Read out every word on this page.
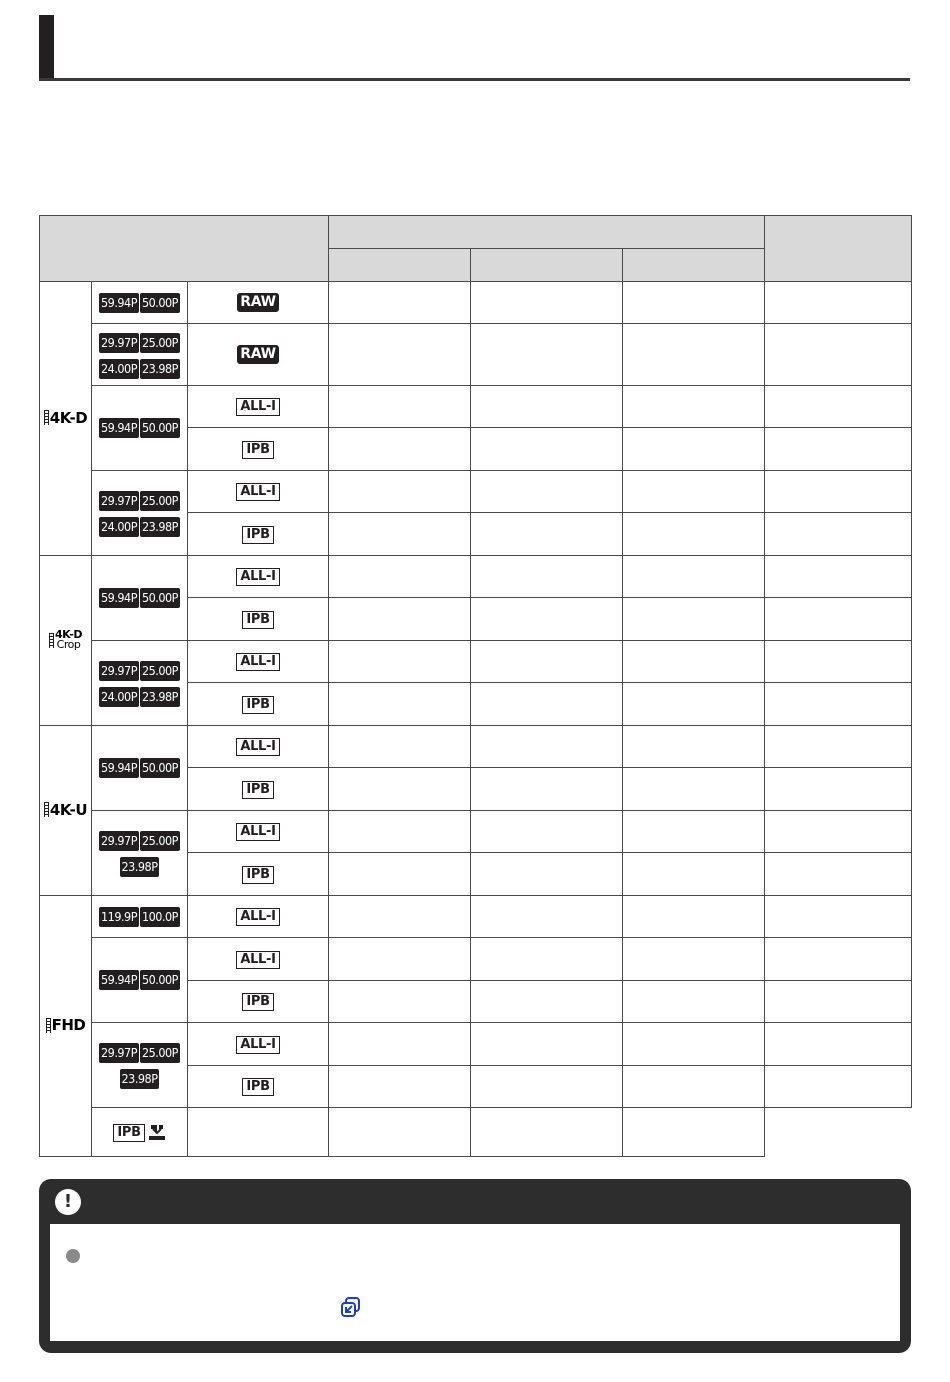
4K-D	59.94P 50.00P	RAW				

	29.97P 25.00P
24.00P 23.98P	RAW				
	59.94P 50.00P	ALL-I				
		IPB				

	29.97P 25.00P
24.00P 23.98P	ALL-I				
		IPB				

4K-D
Crop	59.94P 50.00P	ALL-I				
		IPB				

	29.97P 25.00P
24.00P 23.98P	ALL-I				
		IPB				

4K-U	59.94P 50.00P	ALL-I				
		IPB				

	29.97P 25.00P
23.98P	ALL-I				
		IPB				

FHD	119.9P 100.0P	ALL-I				
	59.94P 50.00P	ALL-I				
		IPB				

	29.97P 25.00P
23.98P	ALL-I				
		IPB				

	IPB					

!
